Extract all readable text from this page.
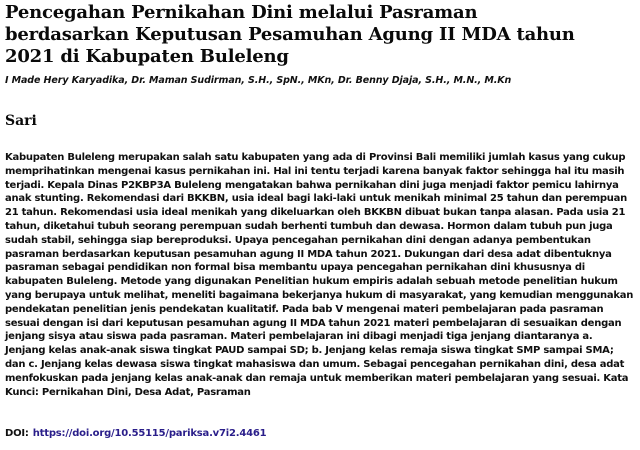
Pencegahan Pernikahan Dini melalui Pasraman berdasarkan Keputusan Pesamuhan Agung II MDA tahun 2021 di Kabupaten Buleleng
I Made Hery Karyadika, Dr. Maman Sudirman, S.H., SpN., MKn, Dr. Benny Djaja, S.H., M.N., M.Kn
Sari
Kabupaten Buleleng merupakan salah satu kabupaten yang ada di Provinsi Bali memiliki jumlah kasus yang cukup memprihatinkan mengenai kasus pernikahan ini. Hal ini tentu terjadi karena banyak faktor sehingga hal itu masih terjadi. Kepala Dinas P2KBP3A Buleleng mengatakan bahwa pernikahan dini juga menjadi faktor pemicu lahirnya anak stunting. Rekomendasi dari BKKBN, usia ideal bagi laki-laki untuk menikah minimal 25 tahun dan perempuan 21 tahun. Rekomendasi usia ideal menikah yang dikeluarkan oleh BKKBN dibuat bukan tanpa alasan. Pada usia 21 tahun, diketahui tubuh seorang perempuan sudah berhenti tumbuh dan dewasa. Hormon dalam tubuh pun juga sudah stabil, sehingga siap bereproduksi. Upaya pencegahan pernikahan dini dengan adanya pembentukan pasraman berdasarkan keputusan pesamuhan agung II MDA tahun 2021. Dukungan dari desa adat dibentuknya pasraman sebagai pendidikan non formal bisa membantu upaya pencegahan pernikahan dini khususnya di kabupaten Buleleng. Metode yang digunakan Penelitian hukum empiris adalah sebuah metode penelitian hukum yang berupaya untuk melihat, meneliti bagaimana bekerjanya hukum di masyarakat, yang kemudian menggunakan pendekatan penelitian jenis pendekatan kualitatif. Pada bab V mengenai materi pembelajaran pada pasraman sesuai dengan isi dari keputusan pesamuhan agung II MDA tahun 2021 materi pembelajaran di sesuaikan dengan jenjang sisya atau siswa pada pasraman. Materi pembelajaran ini dibagi menjadi tiga jenjang diantaranya a. Jenjang kelas anak-anak siswa tingkat PAUD sampai SD; b. Jenjang kelas remaja siswa tingkat SMP sampai SMA; dan c. Jenjang kelas dewasa siswa tingkat mahasiswa dan umum. Sebagai pencegahan pernikahan dini, desa adat menfokuskan pada jenjang kelas anak-anak dan remaja untuk memberikan materi pembelajaran yang sesuai. Kata Kunci: Pernikahan Dini, Desa Adat, Pasraman
DOI: https://doi.org/10.55115/pariksa.v7i2.4461
